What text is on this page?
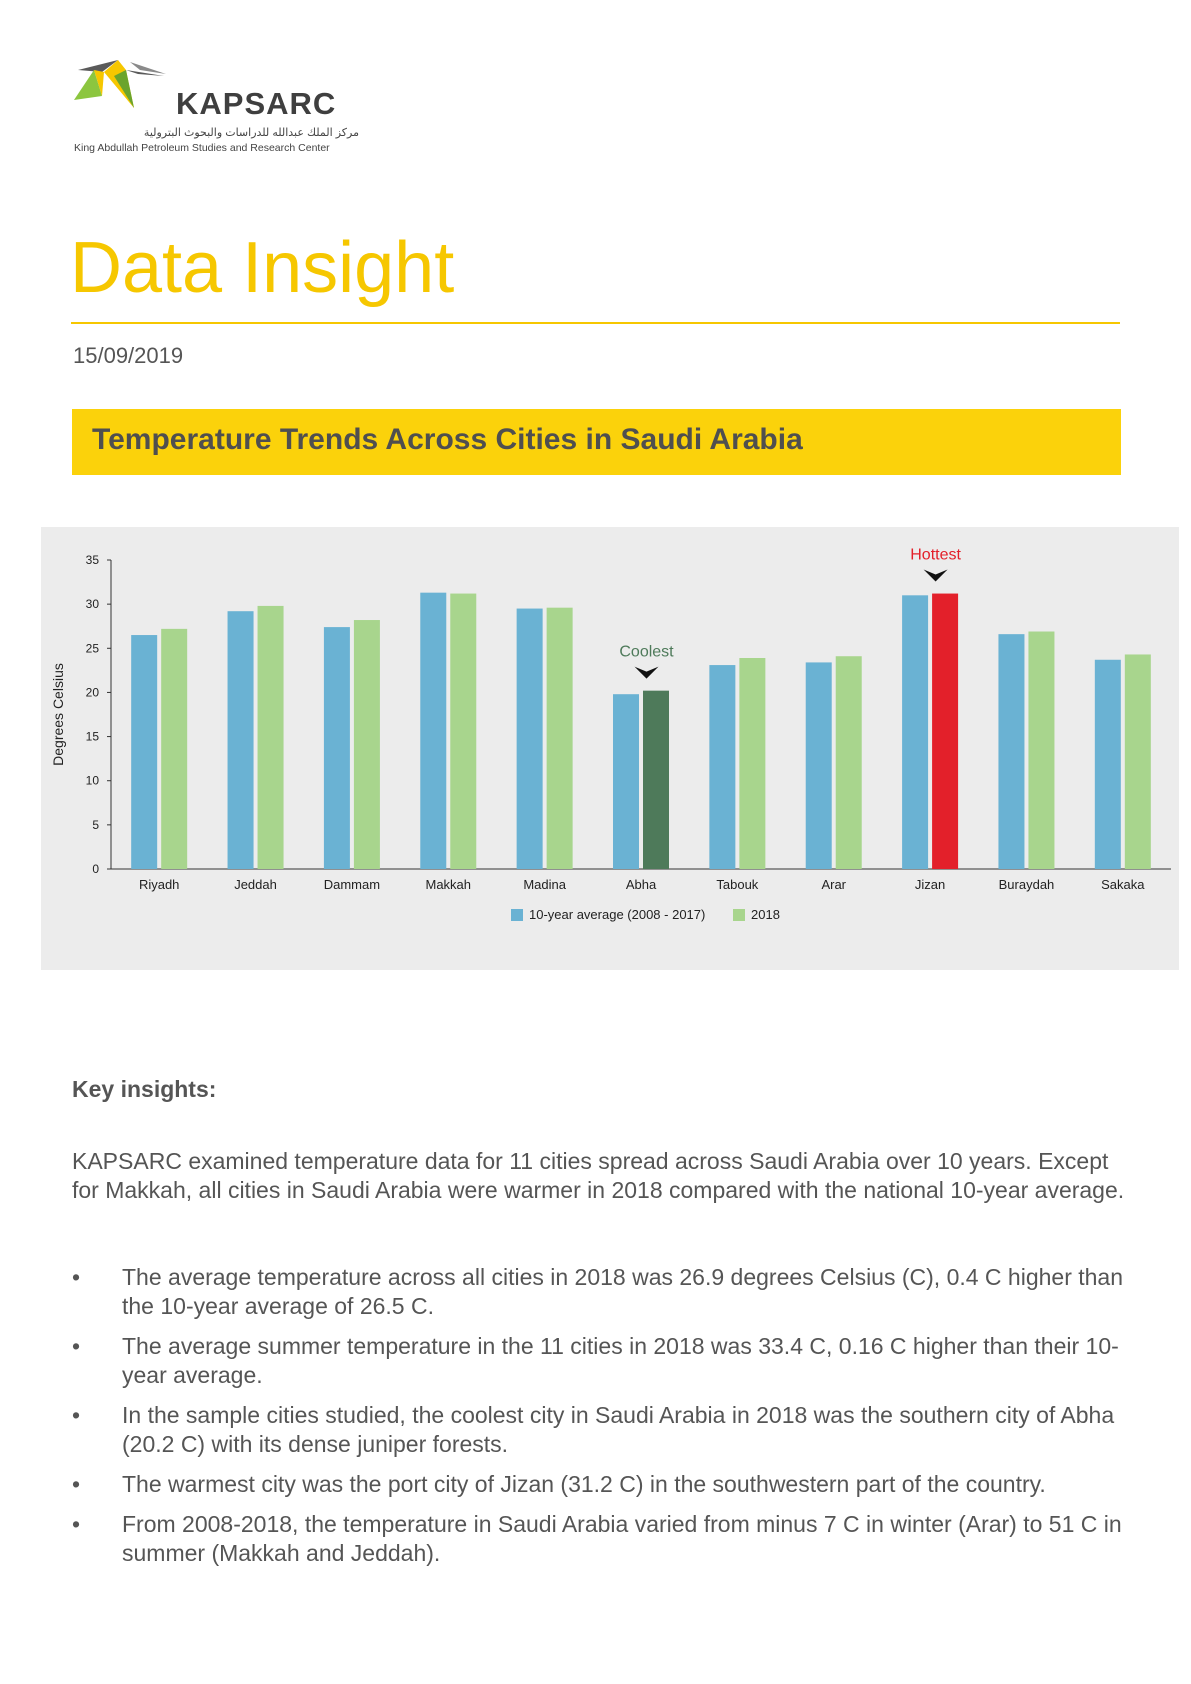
KAPSARC
مركز الملك عبدالله للدراسات والبحوث البترولية
King Abdullah Petroleum Studies and Research Center
Data Insight
15/09/2019
Temperature Trends Across Cities in Saudi Arabia
0
5
10
15
20
25
30
35
Degrees Celsius
Riyadh	Jeddah	Dammam	Makkah	Madina	Abha	Tabouk	Arar	Jizan	Buraydah	Sakaka
Coolest
Hottest
10-year average (2008 - 2017)	2018
Key insights:
KAPSARC examined temperature data for 11 cities spread across Saudi Arabia over 10 years. Except for Makkah, all cities in Saudi Arabia were warmer in 2018 compared with the national 10-year average.
• The average temperature across all cities in 2018 was 26.9 degrees Celsius (C), 0.4 C higher than the 10-year average of 26.5 C.
• The average summer temperature in the 11 cities in 2018 was 33.4 C, 0.16 C higher than their 10-year average.
• In the sample cities studied, the coolest city in Saudi Arabia in 2018 was the southern city of Abha (20.2 C) with its dense juniper forests.
• The warmest city was the port city of Jizan (31.2 C) in the southwestern part of the country.
• From 2008-2018, the temperature in Saudi Arabia varied from minus 7 C in winter (Arar) to 51 C in summer (Makkah and Jeddah).
